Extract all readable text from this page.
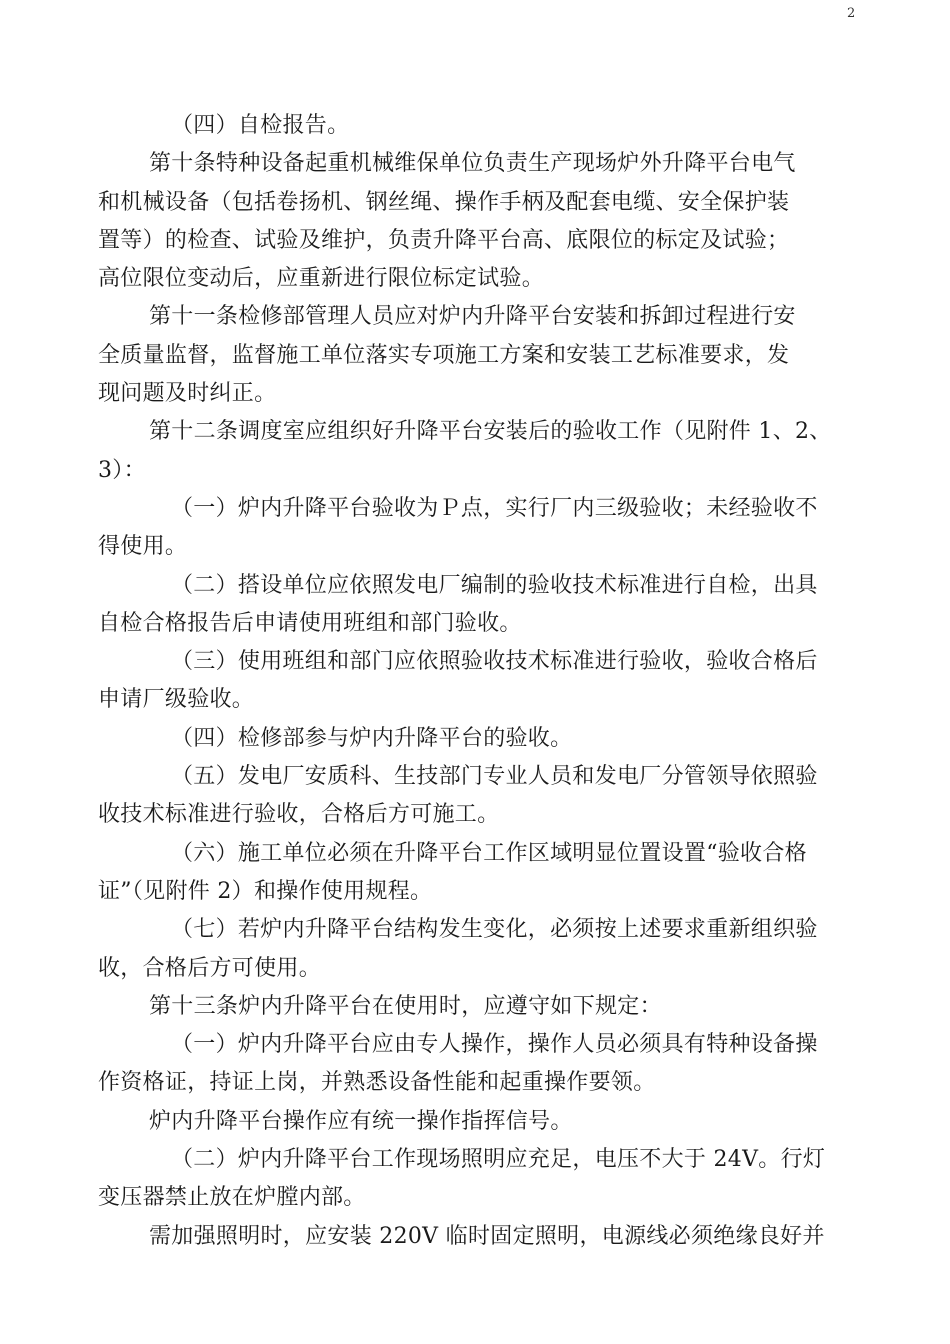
2
（四）自检报告。
第十条特种设备起重机械维保单位负责生产现场炉外升降平台电气
和机械设备（包括卷扬机、钢丝绳、操作手柄及配套电缆、安全保护装
置等）的检查、试验及维护，负责升降平台高、底限位的标定及试验；
高位限位变动后，应重新进行限位标定试验。
第十一条检修部管理人员应对炉内升降平台安装和拆卸过程进行安
全质量监督，监督施工单位落实专项施工方案和安装工艺标准要求，发
现问题及时纠正。
第十二条调度室应组织好升降平台安装后的验收工作（见附件 1、2、
3）：
（一）炉内升降平台验收为Ｐ点，实行厂内三级验收；未经验收不
得使用。
（二）搭设单位应依照发电厂编制的验收技术标准进行自检，出具
自检合格报告后申请使用班组和部门验收。
（三）使用班组和部门应依照验收技术标准进行验收，验收合格后
申请厂级验收。
（四）检修部参与炉内升降平台的验收。
（五）发电厂安质科、生技部门专业人员和发电厂分管领导依照验
收技术标准进行验收，合格后方可施工。
（六）施工单位必须在升降平台工作区域明显位置设置“验收合格
证”（见附件 2）和操作使用规程。
（七）若炉内升降平台结构发生变化，必须按上述要求重新组织验
收，合格后方可使用。
第十三条炉内升降平台在使用时，应遵守如下规定：
（一）炉内升降平台应由专人操作，操作人员必须具有特种设备操
作资格证，持证上岗，并熟悉设备性能和起重操作要领。
炉内升降平台操作应有统一操作指挥信号。
（二）炉内升降平台工作现场照明应充足，电压不大于 24V。行灯
变压器禁止放在炉膛内部。
需加强照明时，应安装 220V 临时固定照明，电源线必须绝缘良好并
